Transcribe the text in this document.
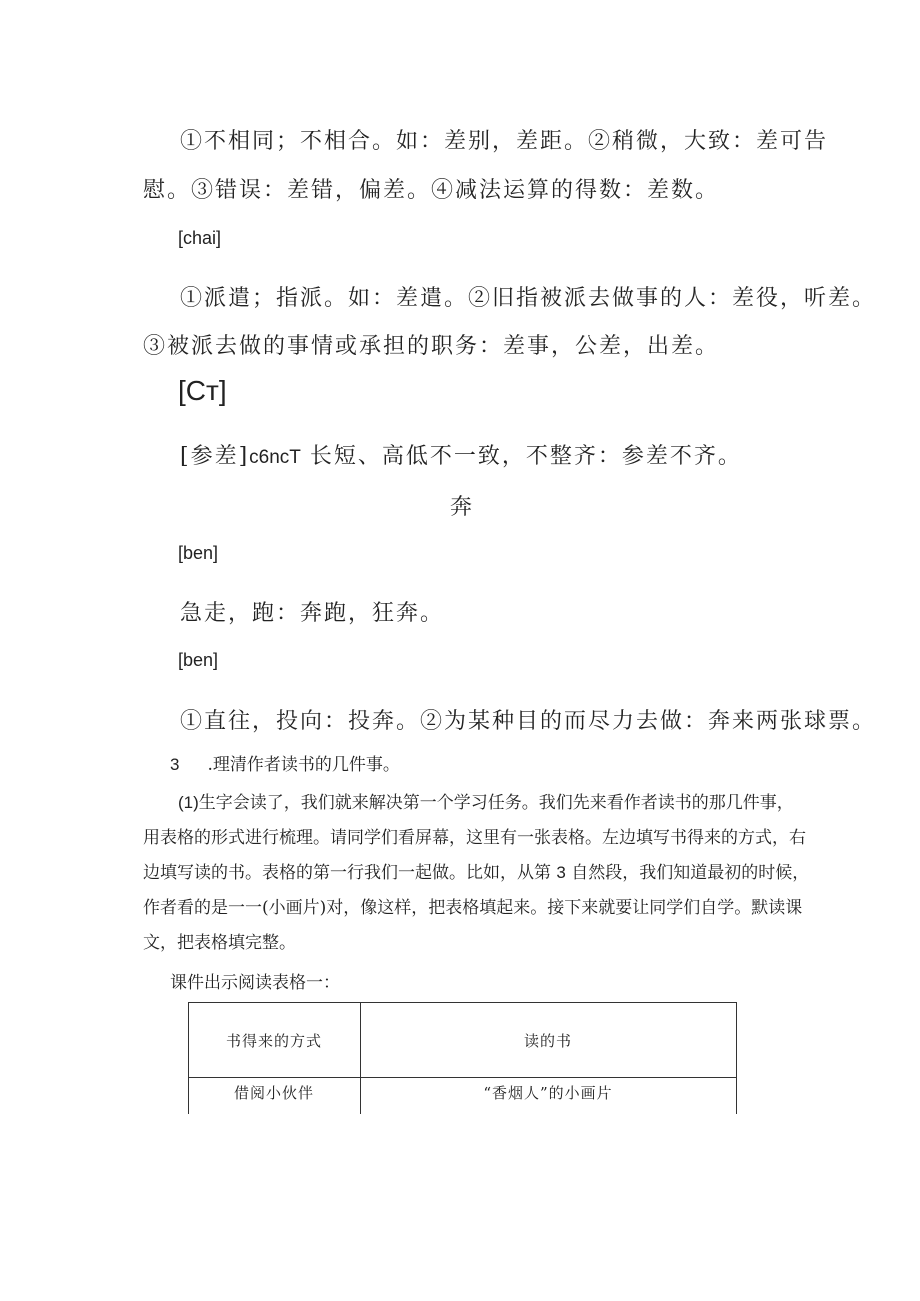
①不相同；不相合。如：差别，差距。②稍微，大致：差可告
慰。③错误：差错，偏差。④减法运算的得数：差数。
[chai]
①派遣；指派。如：差遣。②旧指被派去做事的人：差役，听差。
③被派去做的事情或承担的职务：差事，公差，出差。
[Cт]
[参差]c6ncT 长短、高低不一致，不整齐：参差不齐。
奔
[ben]
急走，跑：奔跑，狂奔。
[ben]
①直往，投向：投奔。②为某种目的而尽力去做：奔来两张球票。
3 .理清作者读书的几件事。
(1)生字会读了，我们就来解决第一个学习任务。我们先来看作者读书的那几件事，
用表格的形式进行梳理。请同学们看屏幕，这里有一张表格。左边填写书得来的方式，右
边填写读的书。表格的第一行我们一起做。比如，从第 3 自然段，我们知道最初的时候，
作者看的是一一(小画片)对，像这样，把表格填起来。接下来就要让同学们自学。默读课
文，把表格填完整。
课件出示阅读表格一：
书得来的方式	读的书
借阅小伙伴	“香烟人”的小画片
